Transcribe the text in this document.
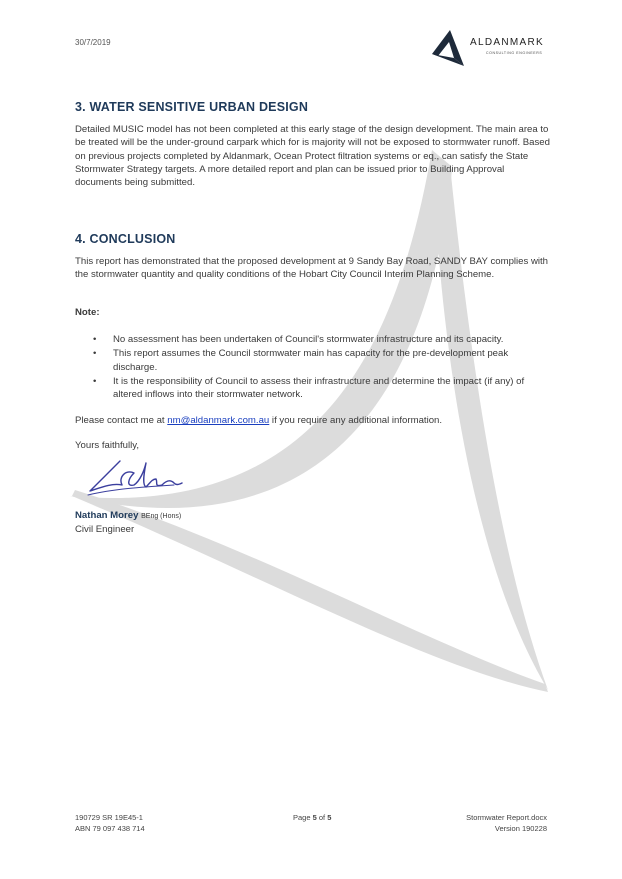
30/7/2019	ALDANMARK
CONSULTING ENGINEERS
3. WATER SENSITIVE URBAN DESIGN
Detailed MUSIC model has not been completed at this early stage of the design development. The main area to be treated will be the under-ground carpark which for is majority will not be exposed to stormwater runoff. Based on previous projects completed by Aldanmark, Ocean Protect filtration systems or eq., can satisfy the State Stormwater Strategy targets. A more detailed report and plan can be issued prior to Building Approval documents being submitted.
4. CONCLUSION
This report has demonstrated that the proposed development at 9 Sandy Bay Road, SANDY BAY complies with the stormwater quantity and quality conditions of the Hobart City Council Interim Planning Scheme.
Note:
• No assessment has been undertaken of Council's stormwater infrastructure and its capacity.
• This report assumes the Council stormwater main has capacity for the pre-development peak discharge.
• It is the responsibility of Council to assess their infrastructure and determine the impact (if any) of altered inflows into their stormwater network.
Please contact me at nm@aldanmark.com.au if you require any additional information.
Yours faithfully,
Nathan Morey BEng (Hons)
Civil Engineer
190729 SR 19E45-1
ABN 79 097 438 714
Page 5 of 5	Stormwater Report.docx
Version 190228
